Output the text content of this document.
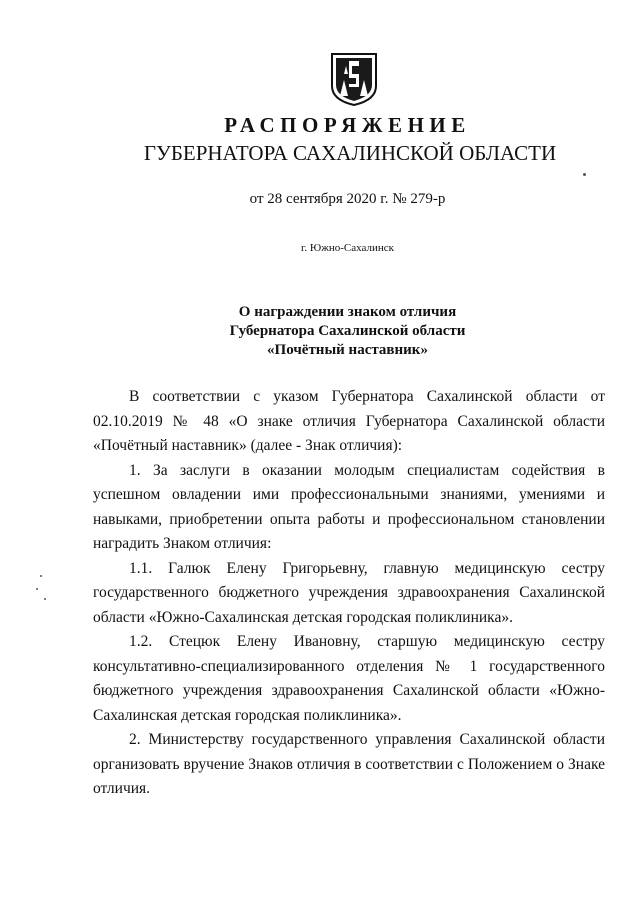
РАСПОРЯЖЕНИЕ
ГУБЕРНАТОРА САХАЛИНСКОЙ ОБЛАСТИ
от 28 сентября 2020 г. № 279-р
г. Южно-Сахалинск
О награждении знаком отличия
Губернатора Сахалинской области
«Почётный наставник»

В соответствии с указом Губернатора Сахалинской области от 02.10.2019 № 48 «О знаке отличия Губернатора Сахалинской области «Почётный наставник» (далее - Знак отличия):

1. За заслуги в оказании молодым специалистам содействия в успешном овладении ими профессиональными знаниями, умениями и навыками, приобретении опыта работы и профессиональном становлении наградить Знаком отличия:

1.1. Галюк Елену Григорьевну, главную медицинскую сестру государственного бюджетного учреждения здравоохранения Сахалинской области «Южно-Сахалинская детская городская поликлиника».

1.2. Стецюк Елену Ивановну, старшую медицинскую сестру консультативно-специализированного отделения № 1 государственного бюджетного учреждения здравоохранения Сахалинской области «Южно-Сахалинская детская городская поликлиника».

2. Министерству государственного управления Сахалинской области организовать вручение Знаков отличия в соответствии с Положением о Знаке отличия.
